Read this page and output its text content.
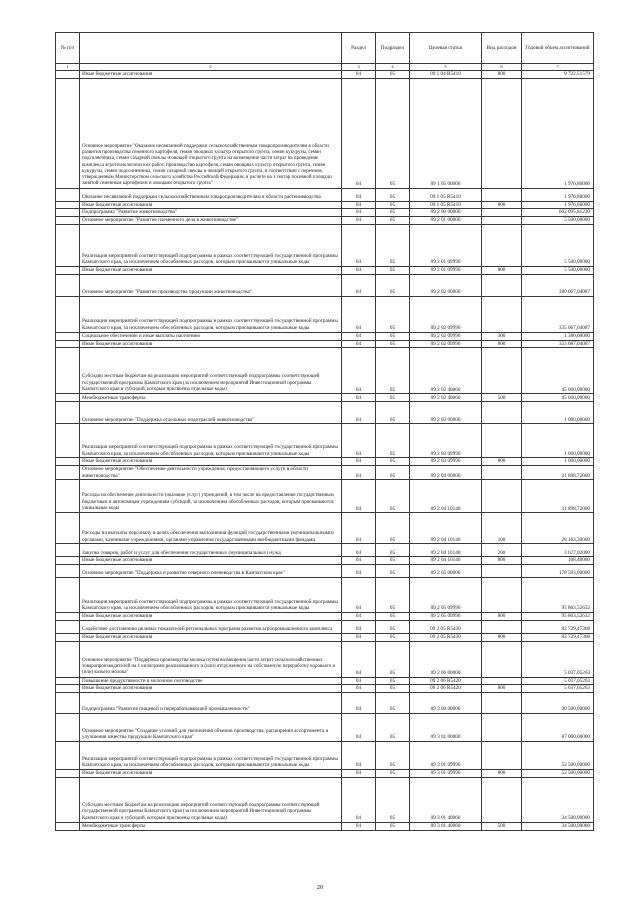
№ п/п		Раздел	Подраздел	Целевая статья	Вид расходов	Годовой объем ассигнований
1	2	3	4	5	6	7
	Иные бюджетные ассигнования	04	05	09 1 04 R5410	800	9 722,51579
	Основное мероприятие "Оказание несвязанной поддержки сельскохозяйственным товаропроизводителям в области развития производства семенного картофеля, семян овощных культур открытого грунта, семян кукурузы, семян подсолнечника, семян сахарной свеклы и овощей открытого грунта на возмещение части затрат на проведение комплекса агротехнологических работ, производство картофеля, семян овощных культур открытого грунта, семян кукурузы, семян подсолнечника, семян сахарной свеклы и овощей открытого грунта, в соответствии с перечнем, утвержденным Министерством сельского хозяйства Российской Федерации, в расчете на 1 гектар посевной площади занятой семенным картофелем и овощами открытого грунта"	04	05	09 1 05 00000		1 976,80000
	Оказание несвязанной поддержки сельскохозяйственным товаропроизводителям в области растениеводства	04	05	09 1 05 R5410		1 976,80000
	Иные бюджетные ассигнования	04	05	09 1 05 R5410	800	1 976,80000
	Подпрограмма "Развитие животноводства"	04	05	09 2 00 00000		602 095,81230
	Основное мероприятие "Развитие племенного дела в животноводстве"	04	05	09 2 01 00000		5 500,00000
	Реализация мероприятий соответствующей подпрограммы в рамках соответствующей государственной программы Камчатского края, за исключением обособленных расходов, которым присваиваются уникальные коды	04	05	09 2 01 09990		5 500,00000
	Иные бюджетные ассигнования	04	05	09 2 01 09990	800	5 500,00000
	Основное мероприятие "Развитие производства продукции животноводства"	04	05	09 2 02 00000		380 067,04087
	Реализация мероприятий соответствующей подпрограммы в рамках соответствующей государственной программы Камчатского края, за исключением обособленных расходов, которым присваиваются уникальные коды	04	05	09 2 02 09990		335 067,04087
	Социальное обеспечение и иные выплаты населению	04	05	09 2 02 09990	300	1 380,00000
	Иные бюджетные ассигнования	04	05	09 2 02 09990	800	333 687,04087
	Субсидии местным бюджетам на реализацию мероприятий соответствующей подпрограммы соответствующей государственной программы Камчатского края (за исключением мероприятий Инвестиционной программы Камчатского края и субсидий, которым присвоены отдельные коды)	04	05	09 2 02 40060		45 000,00000
	Межбюджетные трансферты	04	05	09 2 02 40060	500	45 000,00000
	Основное мероприятие "Поддержка отдельных подотраслей животноводства"	04	05	09 2 03 00000		1 000,00000
	Реализация мероприятий соответствующей подпрограммы в рамках соответствующей государственной программы Камчатского края, за исключением обособленных расходов, которым присваиваются уникальные коды	04	05	09 2 03 09990		1 000,00000
	Иные бюджетные ассигнования	04	05	09 2 03 09990	800	1 000,00000
	Основное мероприятие "Обеспечение деятельности учреждения, предоставляющего услуги в области животноводства"	04	05	09 2 04 00000		31 898,72000
	Расходы на обеспечение деятельности (оказание услуг) учреждений, в том числе на предоставление государственным бюджетным и автономным учреждениям субсидий, за исключением обособленных расходов, которым присваиваются уникальные коды	04	05	09 2 04 10140		31 898,72000
	Расходы на выплаты персоналу в целях обеспечения выполнения функций государственными (муниципальными) органами, казенными учреждениями, органами управления государственными внебюджетными фондами	04	05	09 2 04 10140	100	28 163,30000
	Закупка товаров, работ и услуг для обеспечения государственных (муниципальных) нужд	04	05	09 2 04 10140	200	3 627,02000
	Иные бюджетные ассигнования	04	05	09 2 04 10140	800	108,40000
	Основное мероприятие "Поддержка и развитие северного оленеводства в Камчатском крае"	04	05	09 2 05 00000		178 593,00000
	Реализация мероприятий соответствующей подпрограммы в рамках соответствующей государственной программы Камчатского края, за исключением обособленных расходов, которым присваиваются уникальные коды	04	05	09 2 05 09990		95 863,52632
	Иные бюджетные ассигнования	04	05	09 2 05 09990	800	95 863,52632
	Содействие достижению целевых показателей региональных программ развития агропромышленного комплекса	04	05	09 2 05 R5430		82 729,47368
	Иные бюджетные ассигнования	04	05	09 2 05 R5430	800	82 729,47368
	Основное мероприятие "Поддержка производства молока путем возмещения части затрат сельскохозяйственных товаропроизводителей на 1 килограмм реализованного и (или) отгруженного на собственную переработку коровьего и (или) козьего молока"	04	05	09 2 06 00000		5 037,05263
	Повышение продуктивности в молочном скотоводстве	04	05	09 2 06 R5420		5 037,05263
	Иные бюджетные ассигнования	04	05	09 2 06 R5420	800	5 037,05263
	Подпрограмма "Развитие пищевой и перерабатывающей промышленности"	04	05	09 3 00 00000		90 500,00000
	Основное мероприятие "Создание условий для увеличения объемов производства, расширения ассортимента и улучшения качества продукции Камчатского края"	04	05	09 3 01 00000		87 000,00000
	Реализация мероприятий соответствующей подпрограммы в рамках соответствующей государственной программы Камчатского края, за исключением обособленных расходов, которым присваиваются уникальные коды	04	05	09 3 01 09990		52 500,00000
	Иные бюджетные ассигнования	04	05	09 3 01 09990	800	52 500,00000
	Субсидии местным бюджетам на реализацию мероприятий соответствующей подпрограммы соответствующей государственной программы Камчатского края (за исключением мероприятий Инвестиционной программы Камчатского края и субсидий, которым присвоены отдельные коды)	04	05	09 3 01 40060		34 500,00000
	Межбюджетные трансферты	04	05	09 3 01 40060	500	34 500,00000
20
